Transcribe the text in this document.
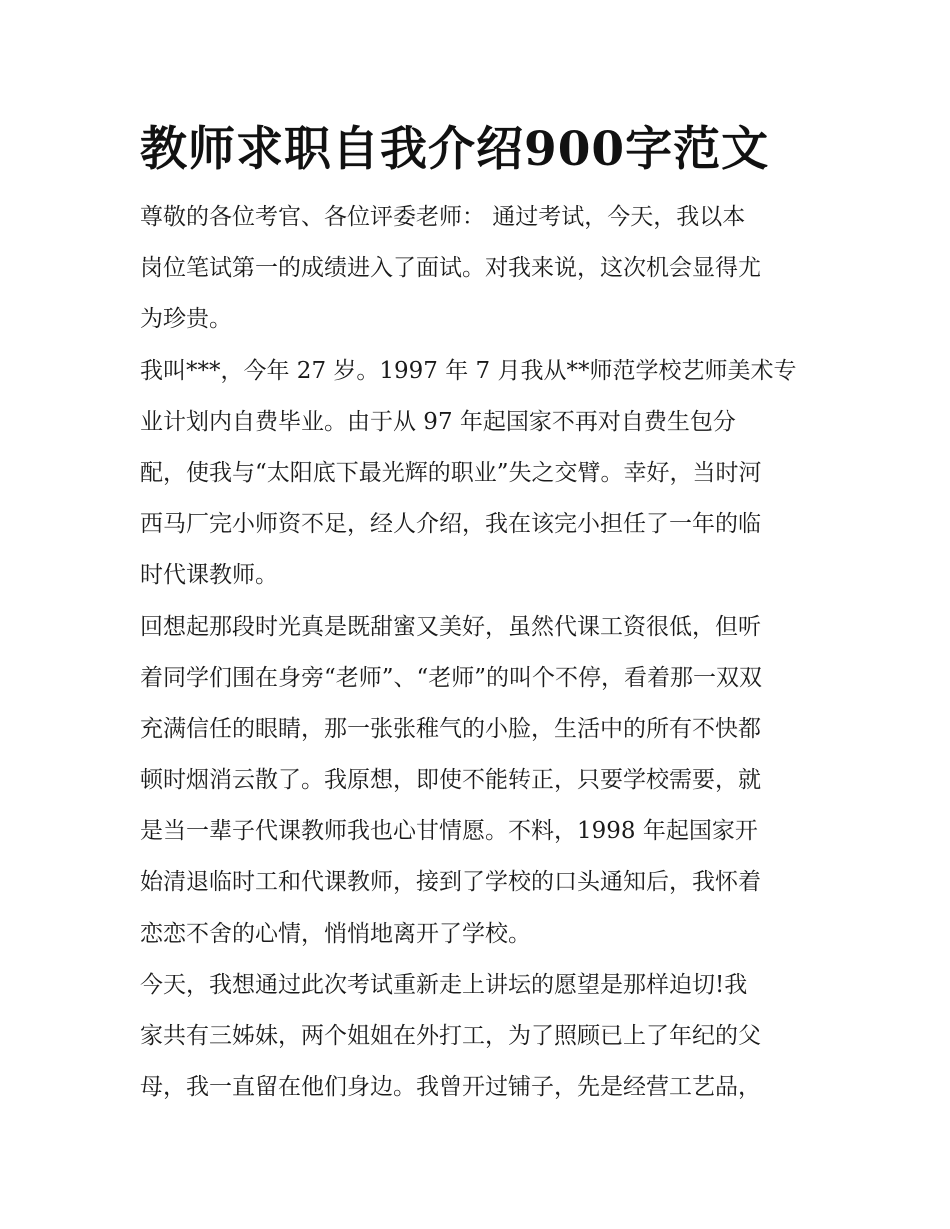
教师求职自我介绍900字范文

尊敬的各位考官、各位评委老师： 通过考试，今天，我以本
岗位笔试第一的成绩进入了面试。对我来说，这次机会显得尤
为珍贵。

我叫***，今年 27 岁。1997 年 7 月我从**师范学校艺师美术专
业计划内自费毕业。由于从 97 年起国家不再对自费生包分
配，使我与“太阳底下最光辉的职业”失之交臂。幸好，当时河
西马厂完小师资不足，经人介绍，我在该完小担任了一年的临
时代课教师。

回想起那段时光真是既甜蜜又美好，虽然代课工资很低，但听
着同学们围在身旁“老师”、“老师”的叫个不停，看着那一双双
充满信任的眼睛，那一张张稚气的小脸，生活中的所有不快都
顿时烟消云散了。我原想，即使不能转正，只要学校需要，就
是当一辈子代课教师我也心甘情愿。不料，1998 年起国家开
始清退临时工和代课教师，接到了学校的口头通知后，我怀着
恋恋不舍的心情，悄悄地离开了学校。

今天，我想通过此次考试重新走上讲坛的愿望是那样迫切!我
家共有三姊妹，两个姐姐在外打工，为了照顾已上了年纪的父
母，我一直留在他们身边。我曾开过铺子，先是经营工艺品，
